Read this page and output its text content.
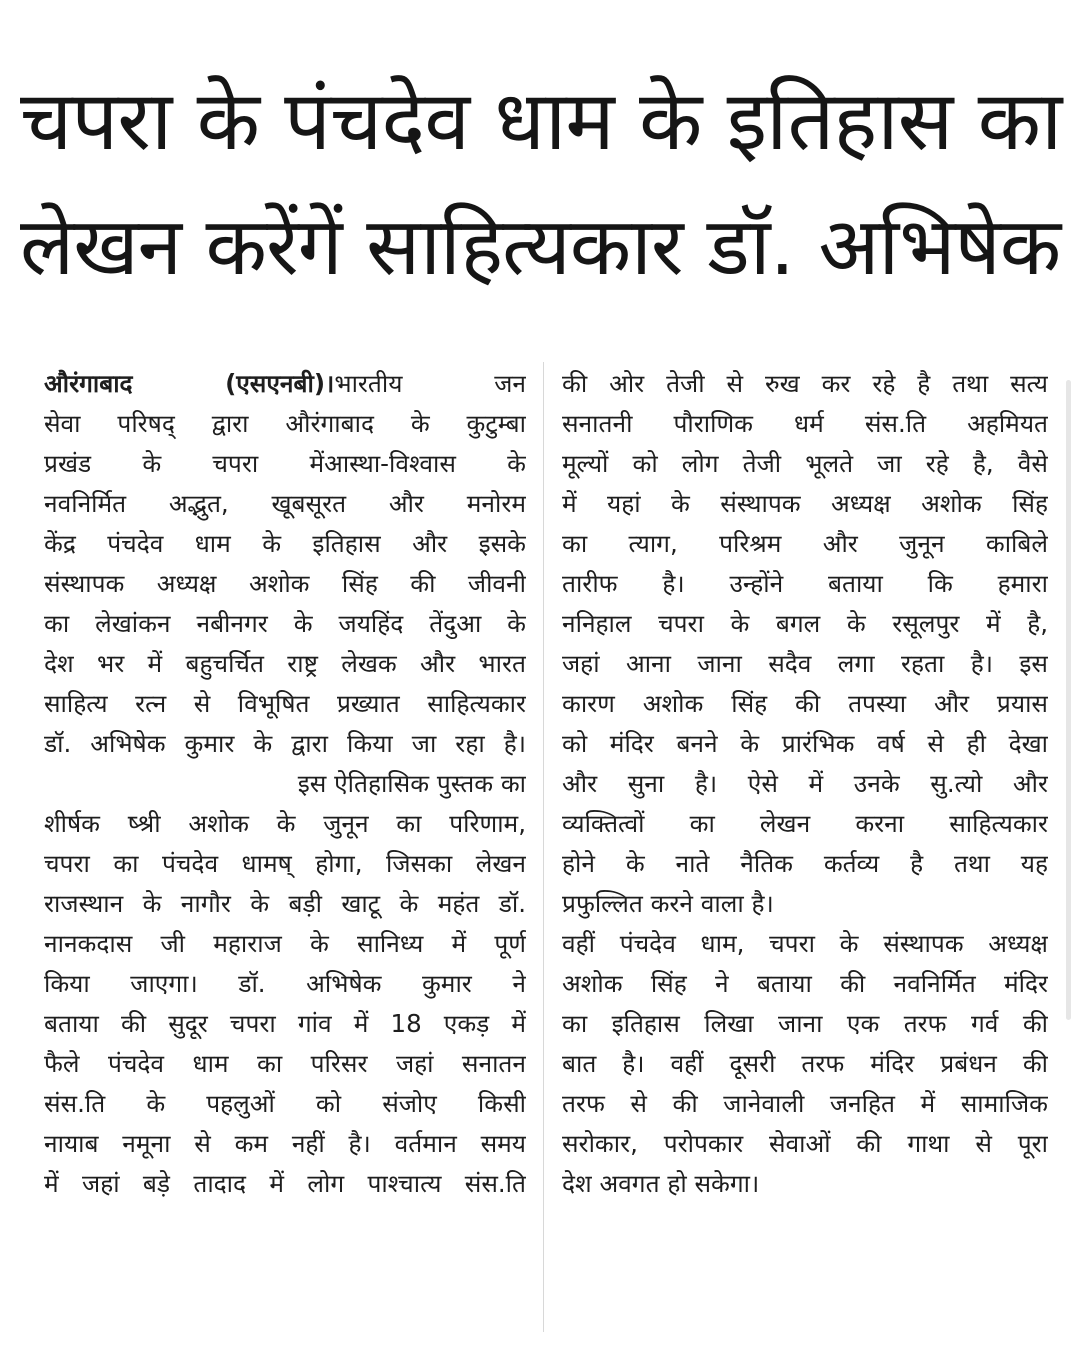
चपरा के पंचदेव धाम के इतिहास का
लेखन करेंगें साहित्यकार डॉ. अभिषेक
औरंगाबाद (एसएनबी)।भारतीय जन
सेवा परिषद् द्वारा औरंगाबाद के कुटुम्बा
प्रखंड के चपरा मेंआस्था-विश्वास के
नवनिर्मित अद्भुत, खूबसूरत और मनोरम
केंद्र पंचदेव धाम के इतिहास और इसके
संस्थापक अध्यक्ष अशोक सिंह की जीवनी
का लेखांकन नबीनगर के जयहिंद तेंदुआ के
देश भर में बहुचर्चित राष्ट्र लेखक और भारत
साहित्य रत्न से विभूषित प्रख्यात साहित्यकार
डॉ. अभिषेक कुमार के द्वारा किया जा रहा है।
इस ऐतिहासिक पुस्तक का
शीर्षक ष्श्री अशोक के जुनून का परिणाम,
चपरा का पंचदेव धामष् होगा, जिसका लेखन
राजस्थान के नागौर के बड़ी खाटू के महंत डॉ.
नानकदास जी महाराज के सानिध्य में पूर्ण
किया जाएगा। डॉ. अभिषेक कुमार ने
बताया की सुदूर चपरा गांव में 18 एकड़ में
फैले पंचदेव धाम का परिसर जहां सनातन
संस.ति के पहलुओं को संजोए किसी
नायाब नमूना से कम नहीं है। वर्तमान समय
में जहां बड़े तादाद में लोग पाश्चात्य संस.ति
की ओर तेजी से रुख कर रहे है तथा सत्य
सनातनी पौराणिक धर्म संस.ति अहमियत
मूल्यों को लोग तेजी भूलते जा रहे है, वैसे
में यहां के संस्थापक अध्यक्ष अशोक सिंह
का त्याग, परिश्रम और जुनून काबिले
तारीफ है। उन्होंने बताया कि हमारा
ननिहाल चपरा के बगल के रसूलपुर में है,
जहां आना जाना सदैव लगा रहता है। इस
कारण अशोक सिंह की तपस्या और प्रयास
को मंदिर बनने के प्रारंभिक वर्ष से ही देखा
और सुना है। ऐसे में उनके सु.त्यो और
व्यक्तित्वों का लेखन करना साहित्यकार
होने के नाते नैतिक कर्तव्य है तथा यह
प्रफुल्लित करने वाला है।
वहीं पंचदेव धाम, चपरा के संस्थापक अध्यक्ष
अशोक सिंह ने बताया की नवनिर्मित मंदिर
का इतिहास लिखा जाना एक तरफ गर्व की
बात है। वहीं दूसरी तरफ मंदिर प्रबंधन की
तरफ से की जानेवाली जनहित में सामाजिक
सरोकार, परोपकार सेवाओं की गाथा से पूरा
देश अवगत हो सकेगा।
